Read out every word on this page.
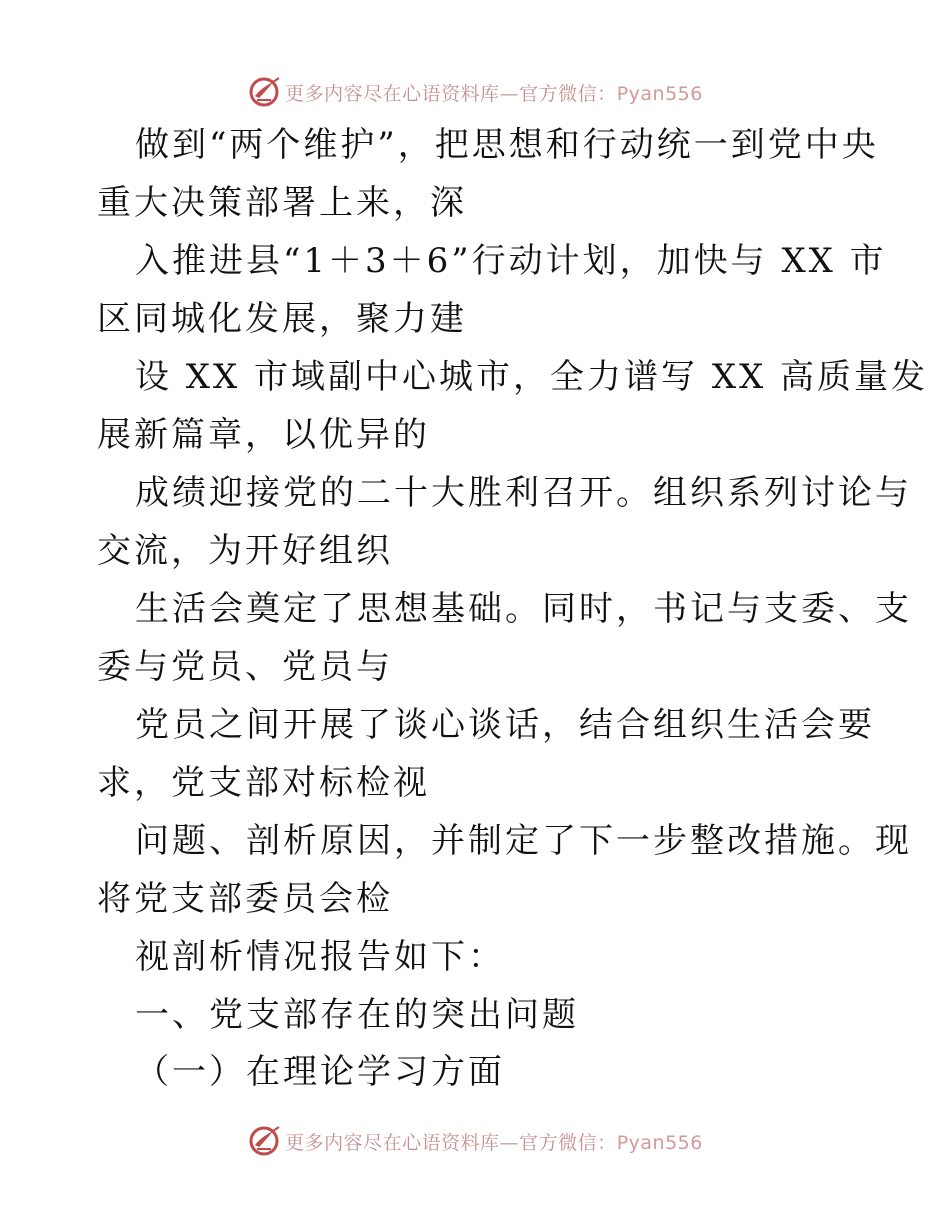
更多内容尽在心语资料库—官方微信：Pyan556
做到“两个维护”，把思想和行动统一到党中央
重大决策部署上来，深
入推进县“1＋3＋6”行动计划，加快与 XX 市
区同城化发展，聚力建
设 XX 市域副中心城市，全力谱写 XX 高质量发
展新篇章，以优异的
成绩迎接党的二十大胜利召开。组织系列讨论与
交流，为开好组织
生活会奠定了思想基础。同时，书记与支委、支
委与党员、党员与
党员之间开展了谈心谈话，结合组织生活会要
求，党支部对标检视
问题、剖析原因，并制定了下一步整改措施。现
将党支部委员会检
视剖析情况报告如下：
一、党支部存在的突出问题
（一）在理论学习方面
更多内容尽在心语资料库—官方微信：Pyan556
